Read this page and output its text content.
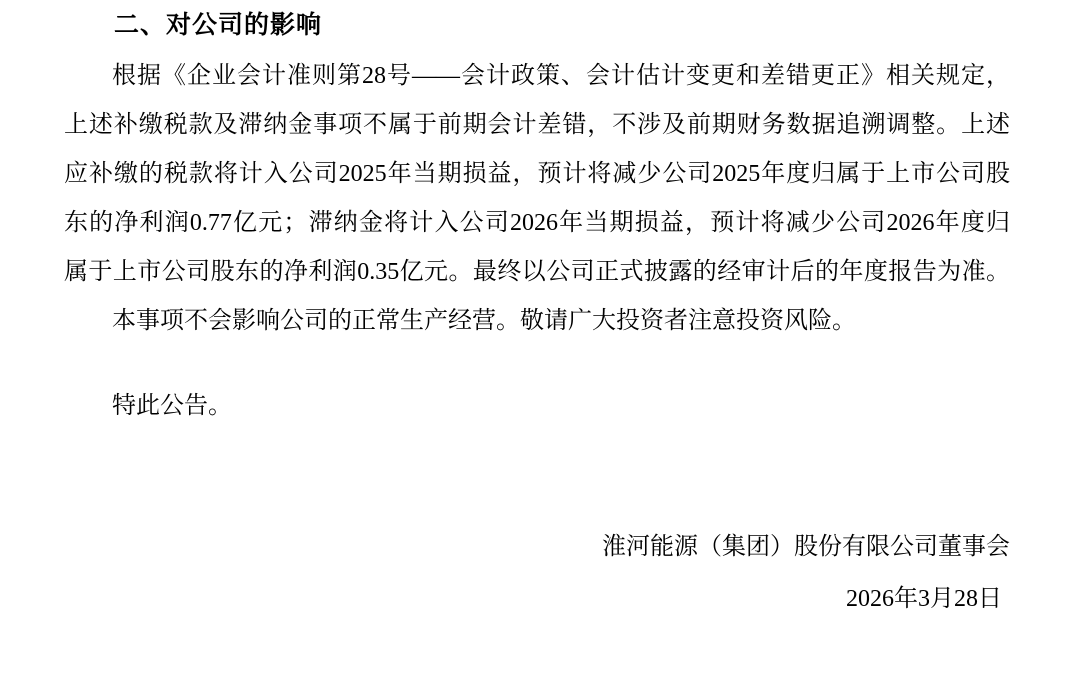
二、对公司的影响
根据《企业会计准则第28号——会计政策、会计估计变更和差错更正》相关规定，
上述补缴税款及滞纳金事项不属于前期会计差错，不涉及前期财务数据追溯调整。上述
应补缴的税款将计入公司2025年当期损益，预计将减少公司2025年度归属于上市公司股
东的净利润0.77亿元；滞纳金将计入公司2026年当期损益，预计将减少公司2026年度归
属于上市公司股东的净利润0.35亿元。最终以公司正式披露的经审计后的年度报告为准。

本事项不会影响公司的正常生产经营。敬请广大投资者注意投资风险。

特此公告。

淮河能源（集团）股份有限公司董事会

2026年3月28日
